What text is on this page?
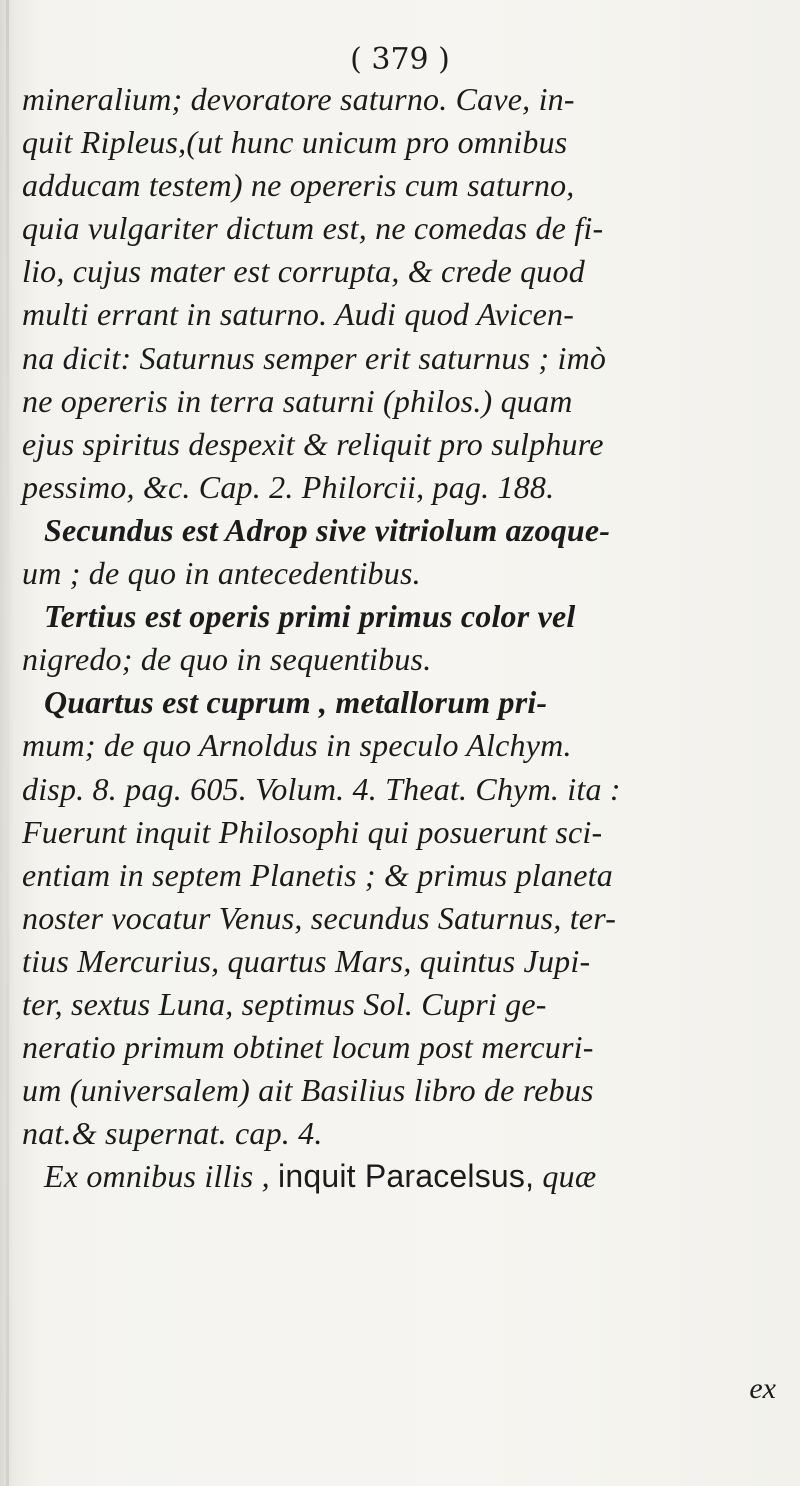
( 379 )
mineralium; devoratore saturno. Cave, in-
quit Ripleus,(ut hunc unicum pro omnibus
adducam testem) ne opereris cum saturno,
quia vulgariter dictum est, ne comedas de fi-
lio, cujus mater est corrupta, & crede quod
multi errant in saturno. Audi quod Avicen-
na dicit: Saturnus semper erit saturnus ; imò
ne opereris in terra saturni (philos.) quam
ejus spiritus despexit & reliquit pro sulphure
pessimo, &c. Cap. 2. Philorcii, pag. 188.
Secundus est Adrop sive vitriolum azoque-
um ; de quo in antecedentibus.
Tertius est operis primi primus color vel
nigredo; de quo in sequentibus.
Quartus est cuprum , metallorum pri-
mum; de quo Arnoldus in speculo Alchym.
disp. 8. pag. 605. Volum. 4. Theat. Chym. ita :
Fuerunt inquit Philosophi qui posuerunt sci-
entiam in septem Planetis ; & primus planeta
noster vocatur Venus, secundus Saturnus, ter-
tius Mercurius, quartus Mars, quintus Jupi-
ter, sextus Luna, septimus Sol. Cupri ge-
neratio primum obtinet locum post mercuri-
um (universalem) ait Basilius libro de rebus
nat.& supernat. cap. 4.
Ex omnibus illis , inquit Paracelsus, quæ
ex
